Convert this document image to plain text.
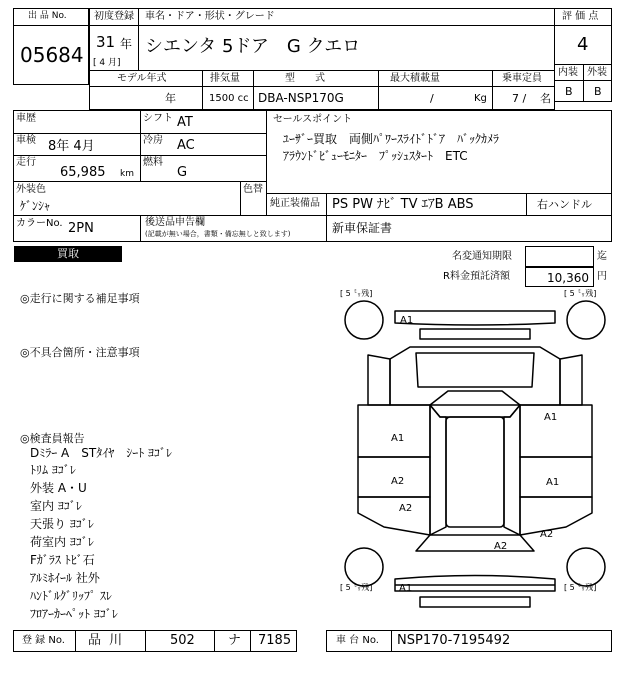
出 品 No.
05684
初度登録
31 年
[ 4 月]
車名・ドア・形状・グレード
シエンタ 5ドア　G クエロ
評 価 点
4
内装 外装
B B
モデル年式	排気量	型　　式	最大積載量	乗車定員
年	1500 cc DBA-NSP170G	/	Kg 7 / 名
車歴
車検 8年 4月
走行
65,985 km
シフト AT
冷房 AC
燃料
G
セールスポイント
ﾕｰｻﾞｰ買取　両側ﾊﾟﾜｰｽﾗｲﾄﾞﾄﾞｱ　ﾊﾞｯｸｶﾒﾗ
ｱﾗｳﾝﾄﾞﾋﾞｭｰﾓﾆﾀｰ　ﾌﾟｯｼｭｽﾀｰﾄ　ETC
外装色
ｹﾞﾝｼｬ
色替
純正装備品 PS PW ﾅﾋﾞ TV ｴｱB ABS	右ハンドル
カラーNo. 2PN	後送品申告欄
(記載が無い場合，書類・備忘無しと致します)	新車保証書
買取	名変通知期限	迄
R料金預託済額	10,360 円
◎走行に関する補足事項
◎不具合箇所・注意事項
◎検査員報告
Dﾐﾗｰ A　STﾀｲﾔ　ｼｰﾄ ﾖｺﾞﾚ
ﾄﾘﾑ ﾖｺﾞﾚ
外装 A・U
室内 ﾖｺﾞﾚ
天張り ﾖｺﾞﾚ
荷室内 ﾖｺﾞﾚ
Fｶﾞﾗｽ ﾄﾋﾞ石
ｱﾙﾐﾎｲｰﾙ 社外
ﾊﾝﾄﾞﾙｸﾞﾘｯﾌﾟ ｽﾚ
ﾌﾛｱｰｶｰﾍﾟｯﾄ ﾖｺﾞﾚ
[ 5 ㍉残]	[ 5 ㍉残]
[ 5 ㍉残]	[ 5 ㍉残]
A1
A1
A1
A2	A1
A2
A2
A2
A1
登 録 No. 品 川	502	ナ 7185	車 台 No. NSP170-7195492
